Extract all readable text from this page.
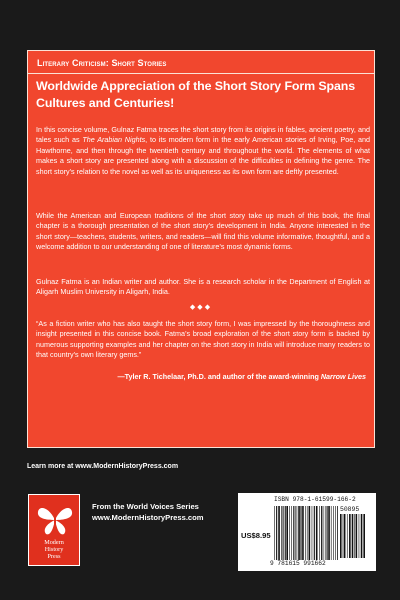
Literary Criticism: Short Stories
Worldwide Appreciation of the Short Story Form Spans Cultures and Centuries!
In this concise volume, Gulnaz Fatma traces the short story from its origins in fables, ancient poetry, and tales such as The Arabian Nights, to its modern form in the early American stories of Irving, Poe, and Hawthorne, and then through the twentieth century and throughout the world. The elements of what makes a short story are presented along with a discussion of the difficulties in defining the genre. The short story’s relation to the novel as well as its uniqueness as its own form are deftly presented.
While the American and European traditions of the short story take up much of this book, the final chapter is a thorough presentation of the short story’s development in India. Anyone interested in the short story—teachers, students, writers, and readers—will find this volume informative, thoughtful, and a welcome addition to our understanding of one of literature’s most dynamic forms.
Gulnaz Fatma is an Indian writer and author. She is a research scholar in the Department of English at Aligarh Muslim University in Aligarh, India.
◆◆◆
“As a fiction writer who has also taught the short story form, I was impressed by the thoroughness and insight presented in this concise book. Fatma’s broad exploration of the short story form is backed by numerous supporting examples and her chapter on the short story in India will introduce many readers to that country’s own literary gems.”
—Tyler R. Tichelaar, Ph.D. and author of the award-winning Narrow Lives
Learn more at www.ModernHistoryPress.com
Modern
History
Press
From the World Voices Series
www.ModernHistoryPress.com
ISBN 978-1-61599-166-2
US$8.95
50895
9 781615 991662
